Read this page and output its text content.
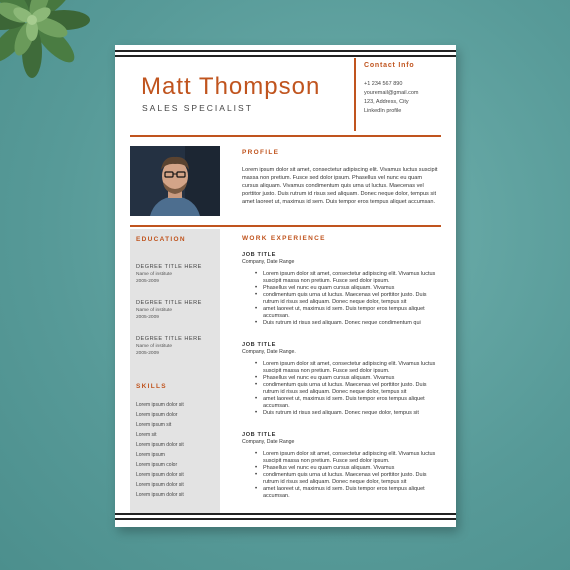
Matt Thompson
SALES SPECIALIST
Contact Info
+1 234 567 890
youremail@gmail.com
123, Address, City
LinkedIn profile
PROFILE
Lorem ipsum dolor sit amet, consectetur adipiscing elit. Vivamus luctus suscipit massa non pretium. Fusce sed dolor ipsum. Phasellus vel nunc eu quam cursus aliquam. Vivamus condimentum quis urna ut luctus. Maecenas vel porttitor justo. Duis rutrum id risus sed aliquam. Donec neque dolor, tempus sit amet laoreet ut, maximus id sem. Duis tempor eros tempus aliquet accumsan.
EDUCATION
DEGREE TITLE HERE
Name of institute
2005-2009
DEGREE TITLE HERE
Name of institute
2005-2009
DEGREE TITLE HERE
Name of institute
2005-2009
SKILLS
Lorem ipsum dolor sit
Lorem ipsum dolor
Lorem ipsum sit
Lorem sit
Lorem ipsum dolor sit
Lorem ipsum
Lorem ipsum color
Lorem ipsum dolor sit
Lorem ipsum dolor sit
Lorem ipsum dolor sit
WORK EXPERIENCE
JOB TITLE
Company, Date Range
• Lorem ipsum dolor sit amet, consectetur adipiscing elit. Vivamus luctus suscipit massa non pretium. Fusce sed dolor ipsum.
• Phasellus vel nunc eu quam cursus aliquam. Vivamus
• condimentum quis urna ut luctus. Maecenas vel porttitor justo. Duis rutrum id risus sed aliquam. Donec neque dolor, tempus sit
• amet laoreet ut, maximus id sem. Duis tempor eros tempus aliquet accumsan.
• Duis rutrum id risus sed aliquam. Donec neque condimentum qui
JOB TITLE
Company, Date Range.
• Lorem ipsum dolor sit amet, consectetur adipiscing elit. Vivamus luctus suscipit massa non pretium. Fusce sed dolor ipsum.
• Phasellus vel nunc eu quam cursus aliquam. Vivamus
• condimentum quis urna ut luctus. Maecenas vel porttitor justo. Duis rutrum id risus sed aliquam. Donec neque dolor, tempus sit
• amet laoreet ut, maximus id sem. Duis tempor eros tempus aliquet accumsan.
• Duis rutrum id risus sed aliquam. Donec neque dolor, tempus sit
JOB TITLE
Company, Date Range
• Lorem ipsum dolor sit amet, consectetur adipiscing elit. Vivamus luctus suscipit massa non pretium. Fusce sed dolor ipsum.
• Phasellus vel nunc eu quam cursus aliquam. Vivamus
• condimentum quis urna ut luctus. Maecenas vel porttitor justo. Duis rutrum id risus sed aliquam. Donec neque dolor, tempus sit
• amet laoreet ut, maximus id sem. Duis tempor eros tempus aliquet accumsan.
